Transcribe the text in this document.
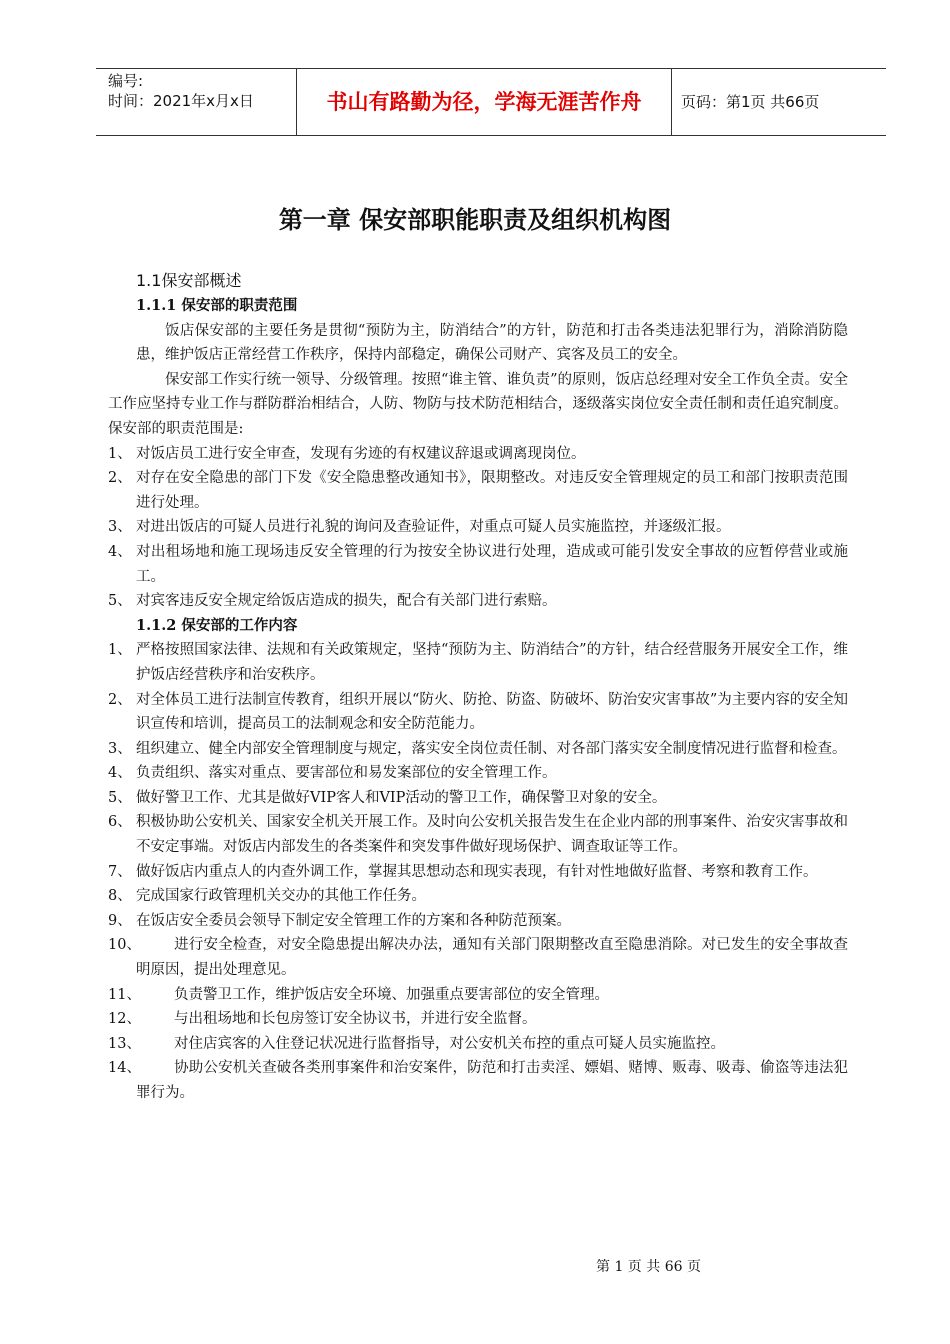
编号:
时间：2021年x月x日	书山有路勤为径，学海无涯苦作舟	页码：第1页 共66页
第一章 保安部职能职责及组织机构图

1.1保安部概述

1.1.1 保安部的职责范围

饭店保安部的主要任务是贯彻“预防为主，防消结合”的方针，防范和打击各类违法犯罪行为，消除消防隐患，维护饭店正常经营工作秩序，保持内部稳定，确保公司财产、宾客及员工的安全。

保安部工作实行统一领导、分级管理。按照“谁主管、谁负责”的原则，饭店总经理对安全工作负全责。安全工作应坚持专业工作与群防群治相结合，人防、物防与技术防范相结合，逐级落实岗位安全责任制和责任追究制度。保安部的职责范围是:

1、 对饭店员工进行安全审查，发现有劣迹的有权建议辞退或调离现岗位。
2、 对存在安全隐患的部门下发《安全隐患整改通知书》，限期整改。对违反安全管理规定的员工和部门按职责范围进行处理。
3、 对进出饭店的可疑人员进行礼貌的询问及查验证件，对重点可疑人员实施监控，并逐级汇报。
4、 对出租场地和施工现场违反安全管理的行为按安全协议进行处理，造成或可能引发安全事故的应暂停营业或施工。
5、 对宾客违反安全规定给饭店造成的损失，配合有关部门进行索赔。

1.1.2 保安部的工作内容

1、 严格按照国家法律、法规和有关政策规定，坚持“预防为主、防消结合”的方针，结合经营服务开展安全工作，维护饭店经营秩序和治安秩序。
2、 对全体员工进行法制宣传教育，组织开展以“防火、防抢、防盗、防破坏、防治安灾害事故”为主要内容的安全知识宣传和培训，提高员工的法制观念和安全防范能力。
3、 组织建立、健全内部安全管理制度与规定，落实安全岗位责任制、对各部门落实安全制度情况进行监督和检查。
4、 负责组织、落实对重点、要害部位和易发案部位的安全管理工作。
5、 做好警卫工作、尤其是做好VIP客人和VIP活动的警卫工作，确保警卫对象的安全。
6、 积极协助公安机关、国家安全机关开展工作。及时向公安机关报告发生在企业内部的刑事案件、治安灾害事故和不安定事端。对饭店内部发生的各类案件和突发事件做好现场保护、调查取证等工作。
7、 做好饭店内重点人的内查外调工作，掌握其思想动态和现实表现，有针对性地做好监督、考察和教育工作。
8、 完成国家行政管理机关交办的其他工作任务。
9、 在饭店安全委员会领导下制定安全管理工作的方案和各种防范预案。

10、 进行安全检查，对安全隐患提出解决办法，通知有关部门限期整改直至隐患消除。对已发生的安全事故查明原因，提出处理意见。

11、 负责警卫工作，维护饭店安全环境、加强重点要害部位的安全管理。

12、 与出租场地和长包房签订安全协议书，并进行安全监督。

13、 对住店宾客的入住登记状况进行监督指导，对公安机关布控的重点可疑人员实施监控。

14、 协助公安机关查破各类刑事案件和治安案件，防范和打击卖淫、嫖娼、赌博、贩毒、吸毒、偷盗等违法犯罪行为。

第 1 页 共 66 页
